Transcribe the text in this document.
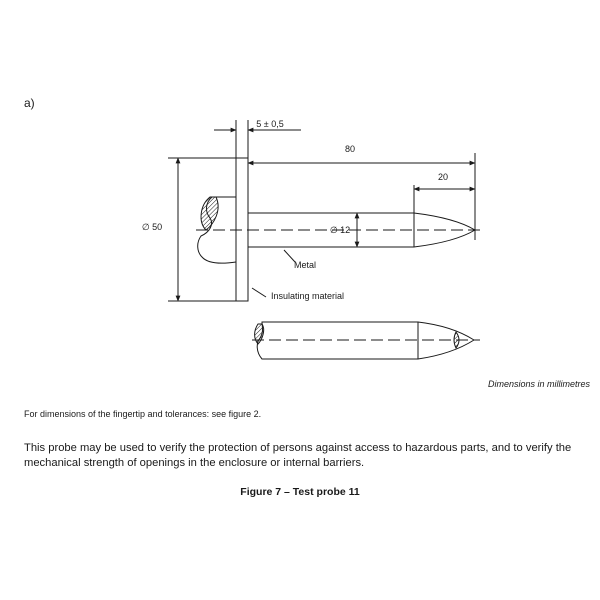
a)
5 ± 0,5
80
20
∅ 50	∅ 12
Metal
Insulating material
Dimensions in millimetres
For dimensions of the fingertip and tolerances: see figure 2.
This probe may be used to verify the protection of persons against access to hazardous parts, and to verify the mechanical strength of openings in the enclosure or internal barriers.
Figure 7 – Test probe 11
